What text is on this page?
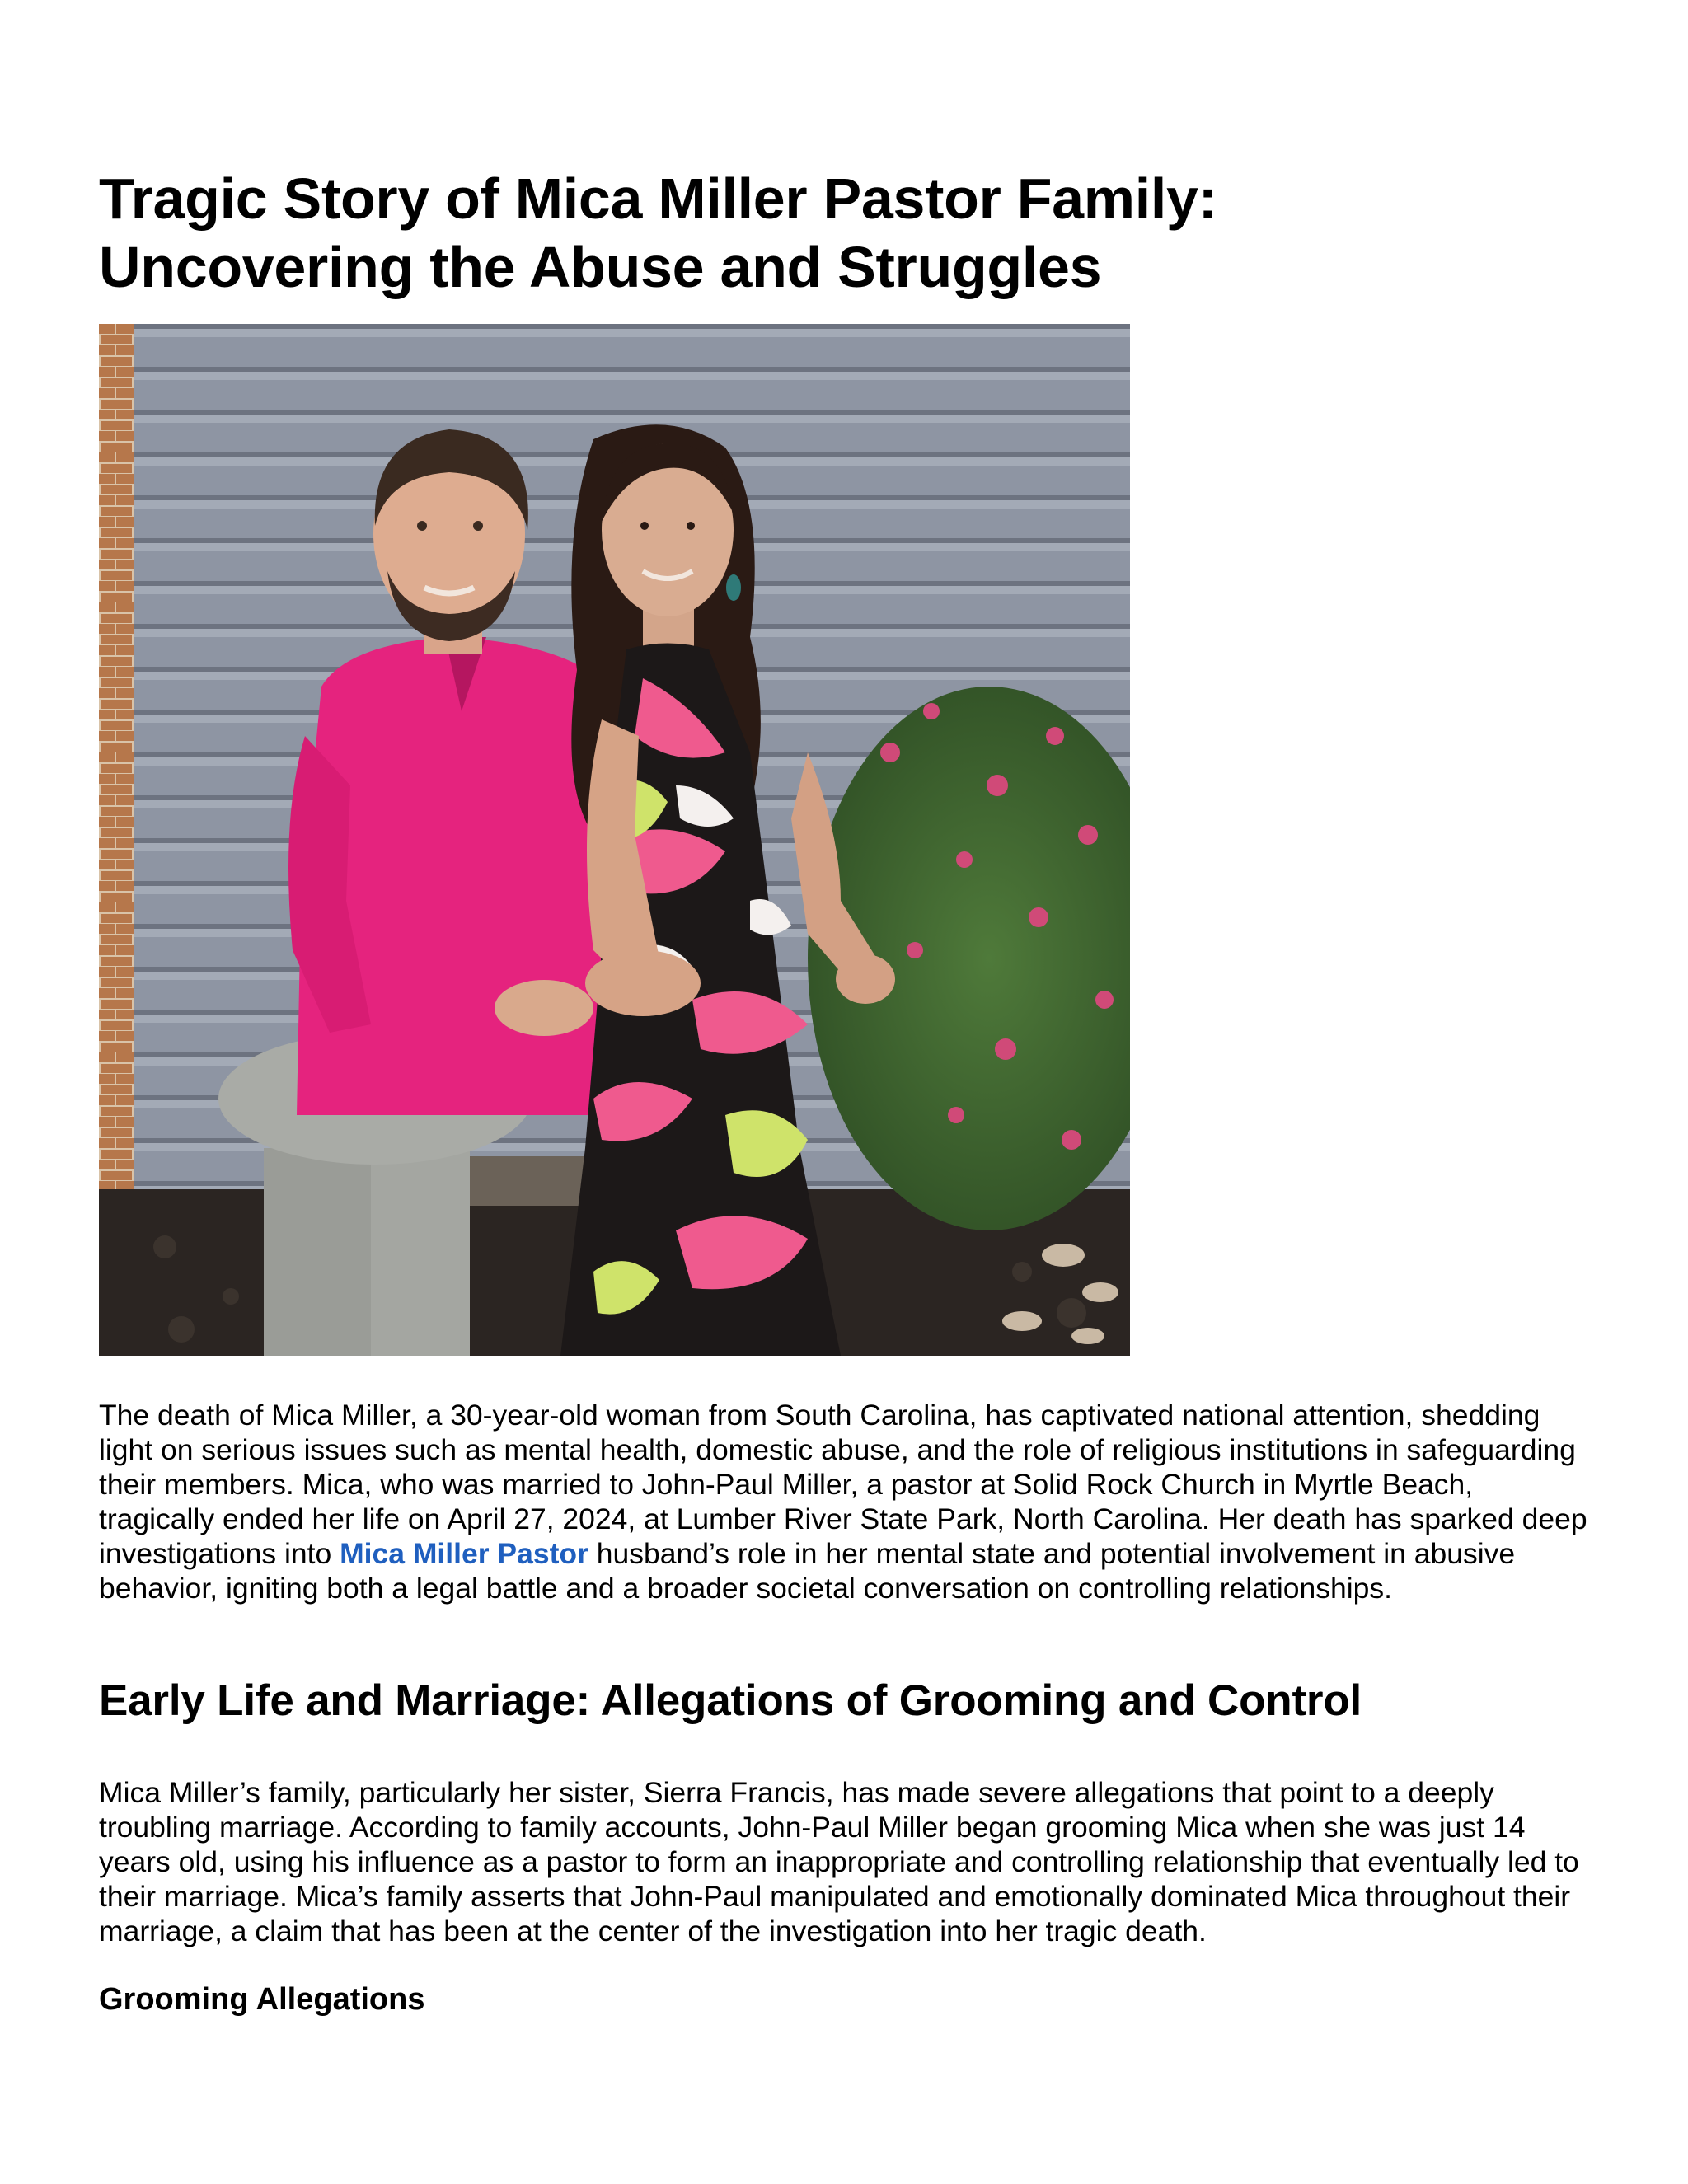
Tragic Story of Mica Miller Pastor Family:
Uncovering the Abuse and Struggles

The death of Mica Miller, a 30-year-old woman from South Carolina, has captivated national attention, shedding light on serious issues such as mental health, domestic abuse, and the role of religious institutions in safeguarding their members. Mica, who was married to John-Paul Miller, a pastor at Solid Rock Church in Myrtle Beach, tragically ended her life on April 27, 2024, at Lumber River State Park, North Carolina. Her death has sparked deep investigations into Mica Miller Pastor husband’s role in her mental state and potential involvement in abusive behavior, igniting both a legal battle and a broader societal conversation on controlling relationships.

Early Life and Marriage: Allegations of Grooming and Control

Mica Miller’s family, particularly her sister, Sierra Francis, has made severe allegations that point to a deeply troubling marriage. According to family accounts, John-Paul Miller began grooming Mica when she was just 14 years old, using his influence as a pastor to form an inappropriate and controlling relationship that eventually led to their marriage. Mica’s family asserts that John-Paul manipulated and emotionally dominated Mica throughout their marriage, a claim that has been at the center of the investigation into her tragic death.

Grooming Allegations
